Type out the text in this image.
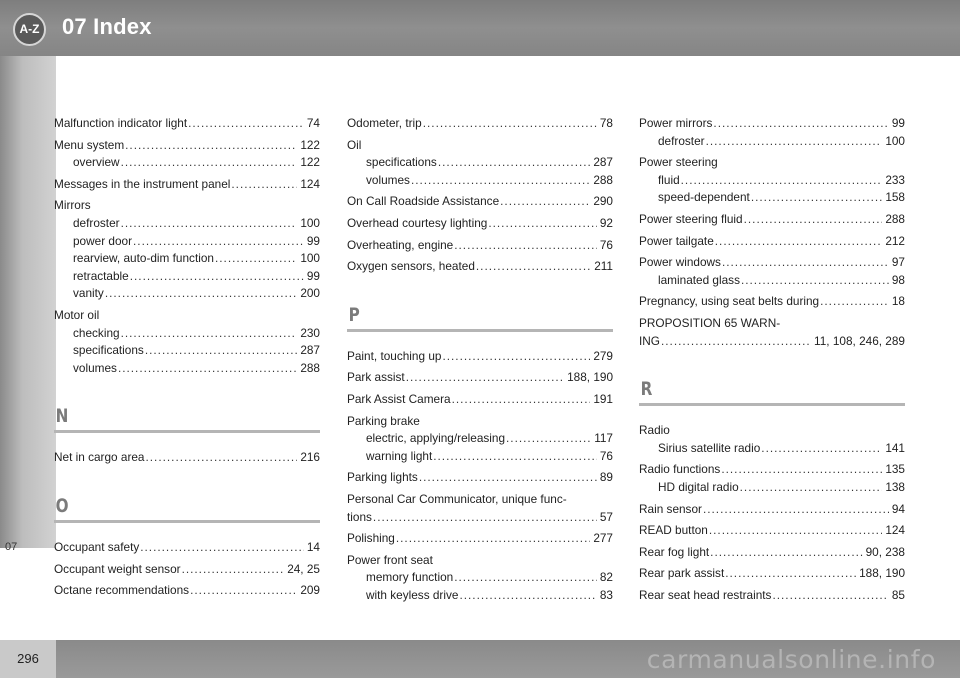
A-Z 07 Index
07
Malfunction indicator light .....	74
Menu system .....	122
overview .....	122
Messages in the instrument panel .....	124
Mirrors
defroster .....	100
power door .....	99
rearview, auto-dim function .....	100
retractable .....	99
vanity .....	200
Motor oil
checking .....	230
specifications .....	287
volumes .....	288
N
Net in cargo area .....	216
O
Occupant safety .....	14
Occupant weight sensor .....	24, 25
Octane recommendations .....	209
Odometer, trip .....	78
Oil
specifications .....	287
volumes .....	288
On Call Roadside Assistance .....	290
Overhead courtesy lighting .....	92
Overheating, engine .....	76
Oxygen sensors, heated .....	211
P
Paint, touching up .....	279
Park assist .....	188, 190
Park Assist Camera .....	191
Parking brake
electric, applying/releasing .....	117
warning light .....	76
Parking lights .....	89
Personal Car Communicator, unique func-
tions .....	57
Polishing .....	277
Power front seat
memory function .....	82
with keyless drive .....	83
Power mirrors .....	99
defroster .....	100
Power steering
fluid .....	233
speed-dependent .....	158
Power steering fluid .....	288
Power tailgate .....	212
Power windows .....	97
laminated glass .....	98
Pregnancy, using seat belts during .....	18
PROPOSITION 65 WARN-
ING .....	11, 108, 246, 289
R
Radio
Sirius satellite radio .....	141
Radio functions .....	135
HD digital radio .....	138
Rain sensor .....	94
READ button .....	124
Rear fog light .....	90, 238
Rear park assist .....	188, 190
Rear seat head restraints .....	85
296	carmanualsonline.info
